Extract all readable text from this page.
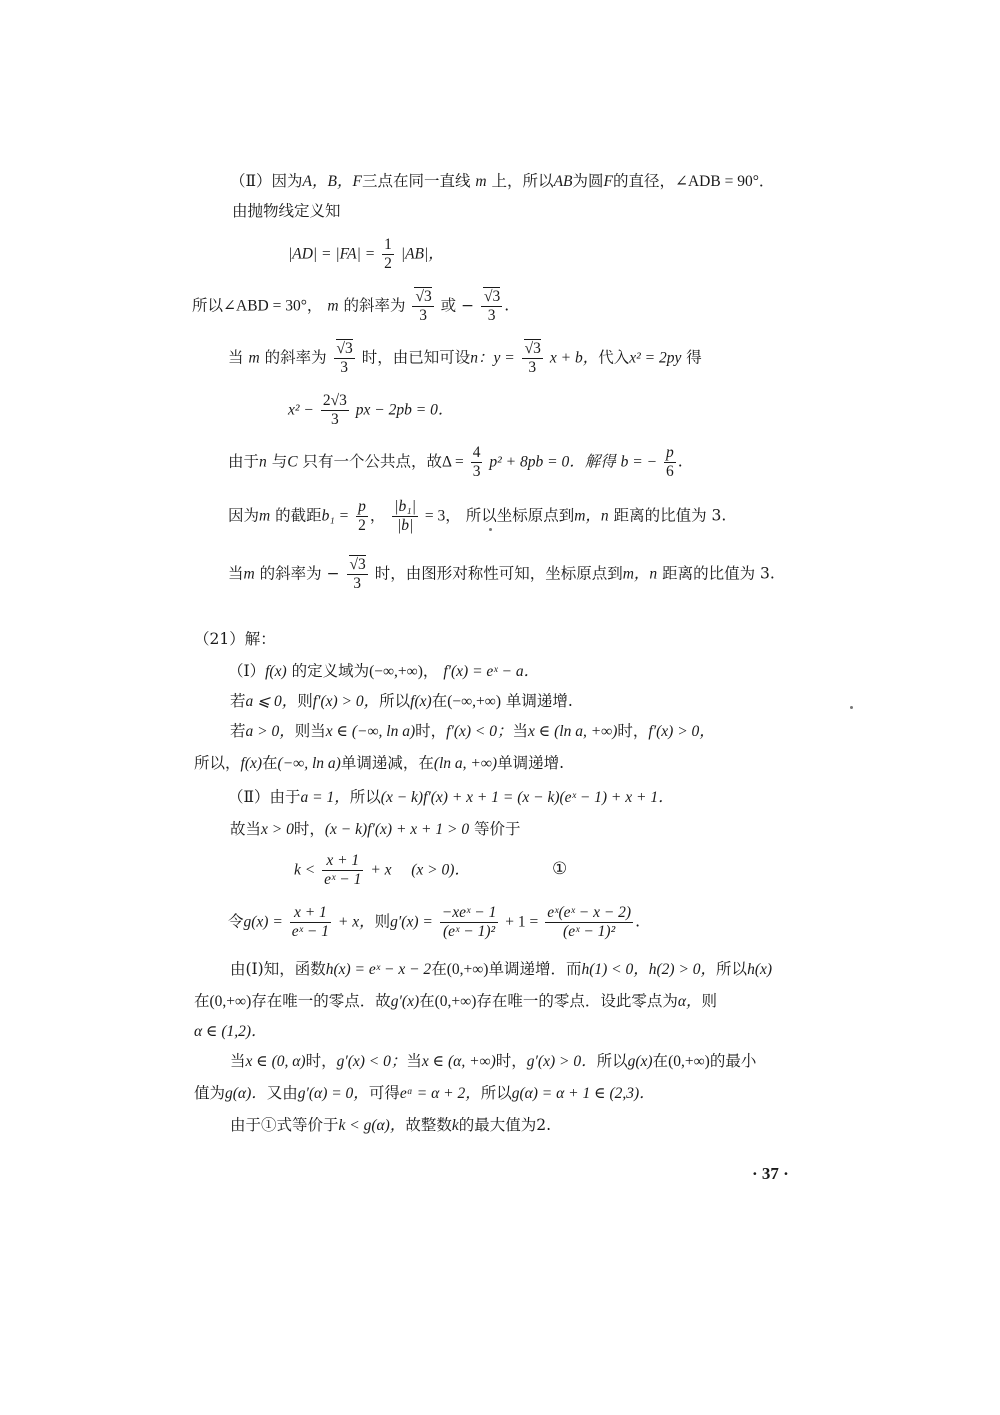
（Ⅱ）因为A，B，F三点在同一直线 m 上，所以AB为圆F的直径，∠ADB = 90°．
由抛物线定义知
$|AD| = |FA| = \frac{1}{2} |AB|$，
所以∠ABD = 30°， m 的斜率为 $\frac{√3}{3}$ 或 − $\frac{√3}{3}$ .
当 m 的斜率为 $\frac{√3}{3}$ 时，由已知可设n：$y = \frac{√3}{3}$ x + b，代入x² = 2py 得
$x^2 - \frac{2√3}{3}$ px − 2pb = 0．
由于n 与C 只有一个公共点，故$\Delta = \frac{4}{3} p^2 + 8pb = 0$．解得 b = − $\frac{p}{6}$ .
因为m 的截距$b_1 = \frac{p}{2}$ ， $\frac{\text{|b₁|}}{|b|} = 3$， 所以坐标原点到m，n 距离的比值为 3.
当m 的斜率为 − $\frac{√3}{3}$ 时，由图形对称性可知，坐标原点到m，n 距离的比值为 3.
（21）解：
（Ⅰ）f(x) 的定义域为(−∞,+∞)， f′(x) = eˣ − a．
若a ⩽ 0，则f′(x) > 0，所以f(x)在(−∞,+∞) 单调递增.
若a > 0，则当x ∈ (−∞, ln a)时，f′(x) < 0；当x ∈ (ln a, +∞)时，f′(x) > 0，
所以，f(x)在(−∞, ln a)单调递减，在(ln a, +∞)单调递增.
（Ⅱ）由于a = 1，所以(x − k)f′(x) + x + 1 = (x − k)(eˣ − 1) + x + 1．
故当x > 0时，(x − k)f′(x) + x + 1 > 0 等价于
$k < \frac{x + 1}{\text{eˣ − 1}} + x$ (x > 0)．	①
令$g(x) = \frac{x + 1}{\text{eˣ − 1}} + x$，则$g'(x) = \frac{\text{−xeˣ − 1}}{\text{(eˣ − 1)²}} + 1 = \frac{\text{eˣ(eˣ − x − 2)}}{\text{(eˣ − 1)²}}$ .
由(Ⅰ)知，函数h(x) = eˣ − x − 2在(0,+∞)单调递增．而h(1) < 0，h(2) > 0，所以h(x)
在(0,+∞)存在唯一的零点．故g′(x)在(0,+∞)存在唯一的零点．设此零点为α，则
α ∈ (1,2)．
当x ∈ (0, α)时，g′(x) < 0；当x ∈ (α, +∞)时，g′(x) > 0．所以g(x)在(0,+∞)的最小
值为g(α)．又由g′(α) = 0，可得eᵅ = α + 2，所以g(α) = α + 1 ∈ (2,3)．
由于①式等价于k < g(α)，故整数k的最大值为2.
· 37 ·
